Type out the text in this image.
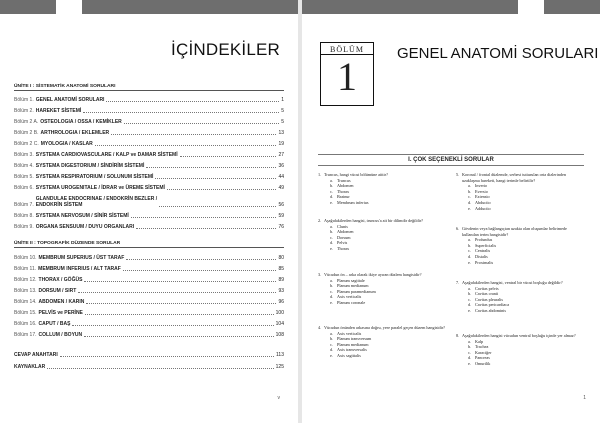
İÇİNDEKİLER
ÜNİTE I : SİSTEMATİK ANATOMİ SORULARI
Bölüm 1. GENEL ANATOMİ SORULARI	1
Bölüm 2. HAREKET SİSTEMİ	5
Bölüm 2 A. OSTEOLOGIA / OSSA / KEMİKLER	5
Bölüm 2 B. ARTHROLOGIA / EKLEMLER	13
Bölüm 2 C. MYOLOGIA / KASLAR	19
Bölüm 3. SYSTEMA CARDIOVASCULARE / KALP ve DAMAR SİSTEMİ	27
Bölüm 4. SYSTEMA DIGESTORIUM / SİNDİRİM SİSTEMİ	36
Bölüm 5. SYSTEMA RESPIRATORIUM / SOLUNUM SİSTEMİ	44
Bölüm 6. SYSTEMA UROGENITALE / İDRAR ve ÜREME SİSTEMİ	49
Bölüm 7.
GLANDULAE ENDOCRINAE / ENDOKRİN BEZLER /
ENDOKRİN SİSTEM	56
Bölüm 8. SYSTEMA NERVOSUM / SİNİR SİSTEMİ	59
Bölüm 9. ORGANA SENSUUM / DUYU ORGANLARI	76
ÜNİTE II : TOPOGRAFİK DÜZENDE SORULAR
Bölüm 10. MEMBRUM SUPERIUS / ÜST TARAF	80
Bölüm 11. MEMBRUM INFERIUS / ALT TARAF	85
Bölüm 12. THORAX / GÖĞÜS	89
Bölüm 13. DORSUM / SIRT	93
Bölüm 14. ABDOMEN / KARIN	96
Bölüm 15. PELVİS ve PERİNE	100
Bölüm 16. CAPUT / BAŞ	104
Bölüm 17. COLLUM / BOYUN	108
CEVAP ANAHTARI	113
KAYNAKLAR	125
v
BÖLÜM
1
GENEL ANATOMİ SORULARI
I. ÇOK SEÇENEKLİ SORULAR
1. Truncus, hangi vücut bölümüne aittir?
a. Truncus
b. Abdomen
c. Thorax
d. Brainur
e. Membrum inferius
2. Aşağıdakilerden hangisi, truncus'a ait bir dilimdir değildir?
a. Clunis
b. Abdomen
c. Dorsum
d. Pelvis
e. Thorax
3. Vücudun ön – arka olarak ikiye ayıran düzlem hangisidir?
a. Planum sagittale
b. Planum medianum
c. Planum paramedianum
d. Axis verticalis
e. Planum coronale
4. Vücudun önünden arkasına doğru, yere paralel geçen düzem hangisidir?
a. Axis verticalis
b. Planum transversum
c. Planum medianum
d. Axis transversalis
e. Axis sagittalis
5. Koronal / frontal düzlemde, serbest tutturulan orta dizlerinden uzaklaşma hareketi, hangi terimle belirtilir?
a. Inverio
b. Eversio
c. Extensio
d. Abductio
e. Adductio
6. Gövdenin veya bağlangıçtan uzakta olan oluşumlar belirtmede kullanılan terim hangisidir?
a. Profundus
b. Superficialis
c. Centralis
d. Distalis
e. Proximalis
7. Aşağıdakilerden hangisi, ventral bir vücut boşluğu değildir?
a. Cavitas pelvis
b. Cavitas cranii
c. Cavitas pleuralis
d. Cavitas pericardiaca
e. Cavitas abdominis
8. Aşağıdakilerden hangisi vücudun ventral boşluğu içinde yer almaz?
a. Kalp
b. Trachea
c. Karaciğer
d. Pancreas
e. Omurilik
1
